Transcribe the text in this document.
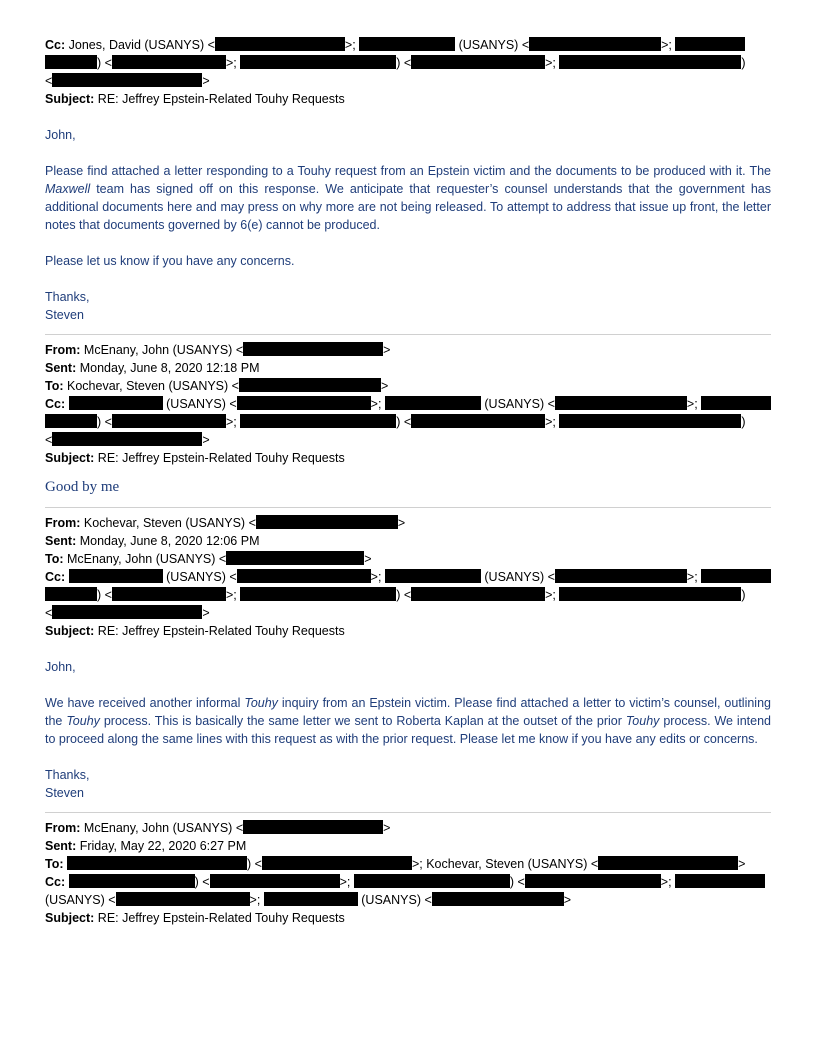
Cc: Jones, David (USANYS) <	>;	(USANYS) <	>;
) <	>;	) <	>;	)
<	>
Subject: RE: Jeffrey Epstein-Related Touhy Requests
John,
Please find attached a letter responding to a Touhy request from an Epstein victim and the documents to be produced with it. The Maxwell team has signed off on this response. We anticipate that requester’s counsel understands that the government has additional documents here and may press on why more are not being released. To attempt to address that issue up front, the letter notes that documents governed by 6(e) cannot be produced.
Please let us know if you have any concerns.
Thanks,
Steven
From: McEnany, John (USANYS) <	>
Sent: Monday, June 8, 2020 12:18 PM
To: Kochevar, Steven (USANYS) <	>
Cc:	(USANYS) <	>;	(USANYS) <	>;
) <	>;	) <	>;	)
<	>
Subject: RE: Jeffrey Epstein-Related Touhy Requests
Good by me
From: Kochevar, Steven (USANYS) <	>
Sent: Monday, June 8, 2020 12:06 PM
To: McEnany, John (USANYS) <	>
Cc:	(USANYS) <	>;	(USANYS) <	>;
) <	>;	) <	>;	)
<	>
Subject: RE: Jeffrey Epstein-Related Touhy Requests
John,
We have received another informal Touhy inquiry from an Epstein victim. Please find attached a letter to victim’s counsel, outlining the Touhy process. This is basically the same letter we sent to Roberta Kaplan at the outset of the prior Touhy process. We intend to proceed along the same lines with this request as with the prior request. Please let me know if you have any edits or concerns.
Thanks,
Steven
From: McEnany, John (USANYS) <	>
Sent: Friday, May 22, 2020 6:27 PM
To:	) <	>; Kochevar, Steven (USANYS) <	>
Cc:	) <	>;	) <	>;
(USANYS) <	>;	(USANYS) <	>
Subject: RE: Jeffrey Epstein-Related Touhy Requests
